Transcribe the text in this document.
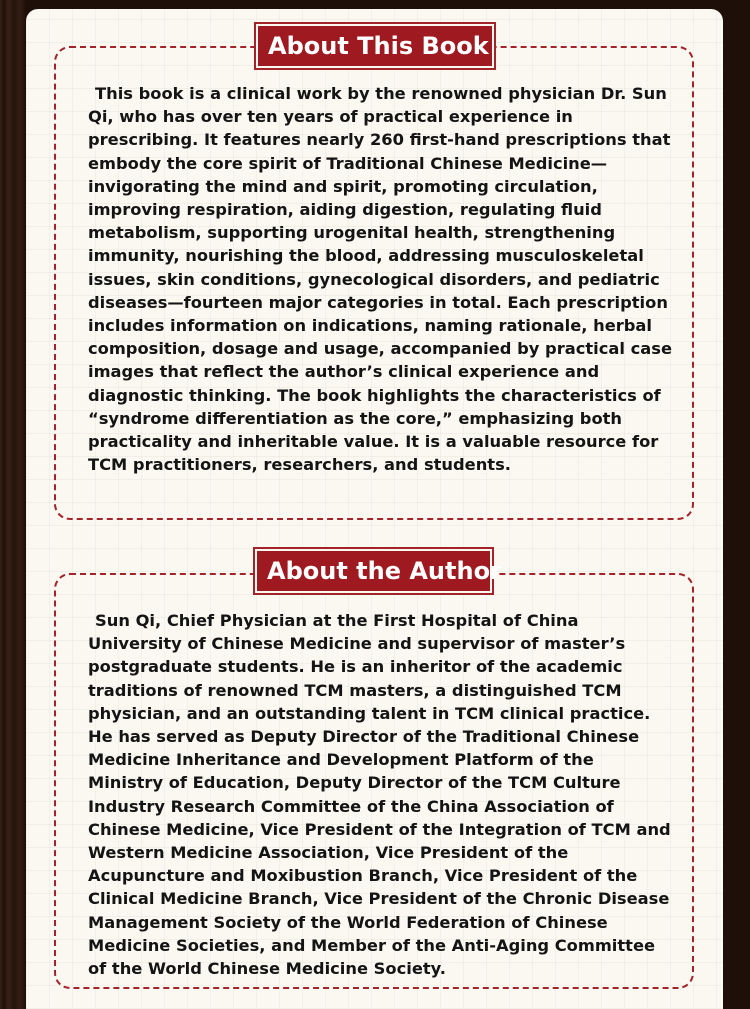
About This Book

This book is a clinical work by the renowned physician Dr. Sun Qi, who has over ten years of practical experience in prescribing. It features nearly 260 first-hand prescriptions that embody the core spirit of Traditional Chinese Medicine—invigorating the mind and spirit, promoting circulation, improving respiration, aiding digestion, regulating fluid metabolism, supporting urogenital health, strengthening immunity, nourishing the blood, addressing musculoskeletal issues, skin conditions, gynecological disorders, and pediatric diseases—fourteen major categories in total. Each prescription includes information on indications, naming rationale, herbal composition, dosage and usage, accompanied by practical case images that reflect the author’s clinical experience and diagnostic thinking. The book highlights the characteristics of “syndrome differentiation as the core,” emphasizing both practicality and inheritable value. It is a valuable resource for TCM practitioners, researchers, and students.

About the Author

Sun Qi, Chief Physician at the First Hospital of China University of Chinese Medicine and supervisor of master’s postgraduate students. He is an inheritor of the academic traditions of renowned TCM masters, a distinguished TCM physician, and an outstanding talent in TCM clinical practice. He has served as Deputy Director of the Traditional Chinese Medicine Inheritance and Development Platform of the Ministry of Education, Deputy Director of the TCM Culture Industry Research Committee of the China Association of Chinese Medicine, Vice President of the Integration of TCM and Western Medicine Association, Vice President of the Acupuncture and Moxibustion Branch, Vice President of the Clinical Medicine Branch, Vice President of the Chronic Disease Management Society of the World Federation of Chinese Medicine Societies, and Member of the Anti-Aging Committee of the World Chinese Medicine Society.
